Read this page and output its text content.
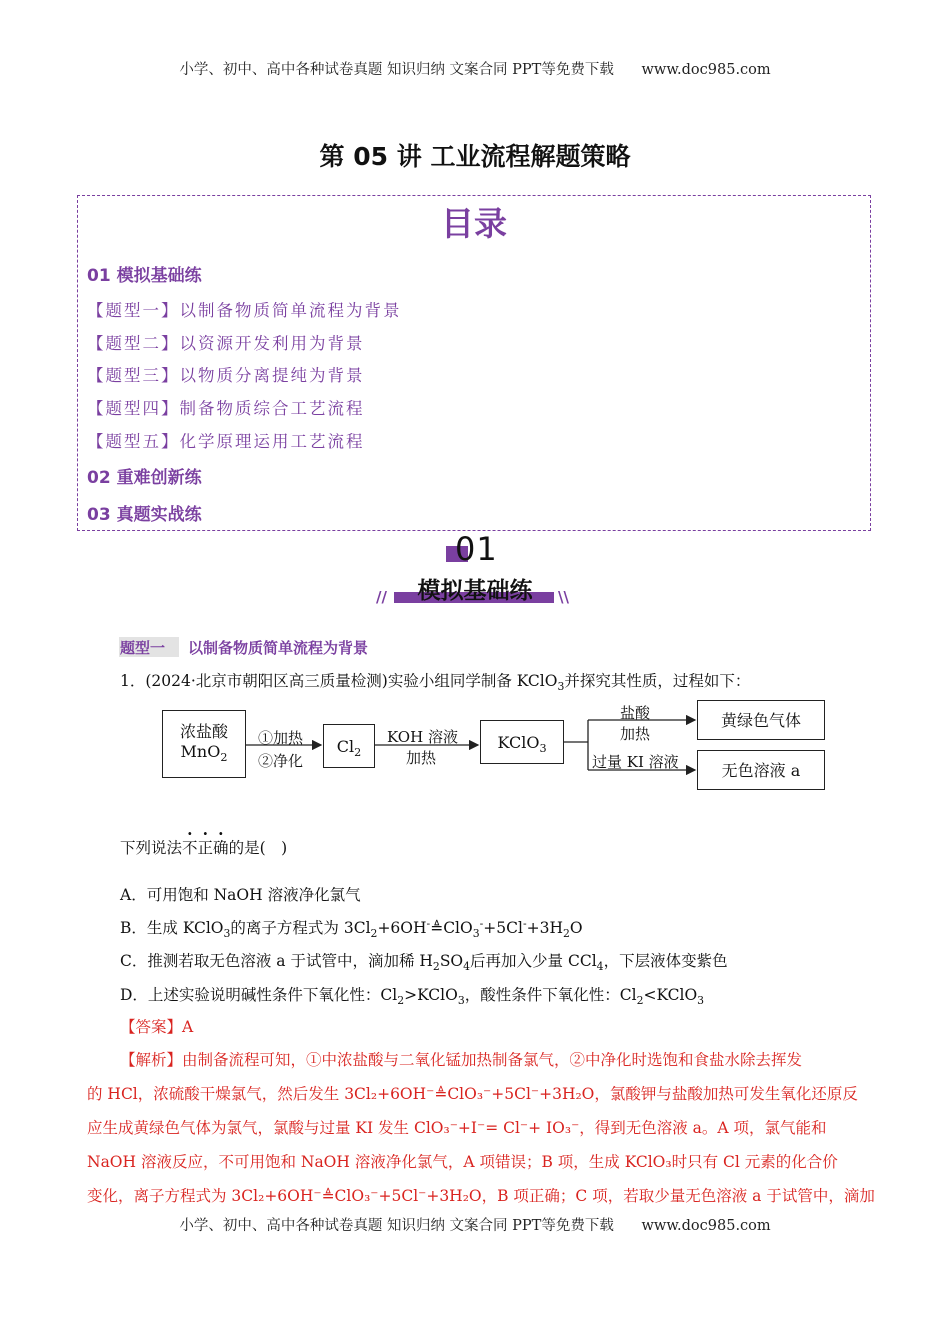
小学、初中、高中各种试卷真题 知识归纳 文案合同 PPT等免费下载 www.doc985.com
第 05 讲 工业流程解题策略
目录
01 模拟基础练
【题型一】以制备物质简单流程为背景
【题型二】以资源开发利用为背景
【题型三】以物质分离提纯为背景
【题型四】制备物质综合工艺流程
【题型五】化学原理运用工艺流程
02 重难创新练
03 真题实战练
01
模拟基础练
//	\\
题型一 以制备物质简单流程为背景
1．(2024·北京市朝阳区高三质量检测)实验小组同学制备 KClO$_3$并探究其性质，过程如下：
浓盐酸
MnO$_2$
①加热
②净化
$Cl_2$
KOH 溶液
加热
KClO$_3$
盐酸
加热
过量 KI 溶液
黄绿色气体
无色溶液 a
下列说法不正确的是(　)
A．可用饱和 NaOH 溶液净化氯气
B．生成 KClO$_3$的离子方程式为 $3Cl_2+6OH^-≜ClO_3^-+5Cl^-+3H_2O$
C．推测若取无色溶液 a 于试管中，滴加稀 $H_2SO_4$后再加入少量 CCl$_4$，下层液体变紫色
D．上述实验说明碱性条件下氧化性：$Cl_2>KClO_3$，酸性条件下氧化性：$Cl_2<KClO_3$
【答案】A
【解析】由制备流程可知，①中浓盐酸与二氧化锰加热制备氯气，②中净化时选饱和食盐水除去挥发
的 HCl，浓硫酸干燥氯气，然后发生 3Cl₂+6OH⁻≜ClO₃⁻+5Cl⁻+3H₂O，氯酸钾与盐酸加热可发生氧化还原反
应生成黄绿色气体为氯气，氯酸与过量 KI 发生 ClO₃⁻+I⁻= Cl⁻+ IO₃⁻，得到无色溶液 a。A 项，氯气能和
NaOH 溶液反应，不可用饱和 NaOH 溶液净化氯气，A 项错误；B 项，生成 KClO₃时只有 Cl 元素的化合价
变化，离子方程式为 3Cl₂+6OH⁻≜ClO₃⁻+5Cl⁻+3H₂O，B 项正确；C 项，若取少量无色溶液 a 于试管中，滴加
小学、初中、高中各种试卷真题 知识归纳 文案合同 PPT等免费下载 www.doc985.com
